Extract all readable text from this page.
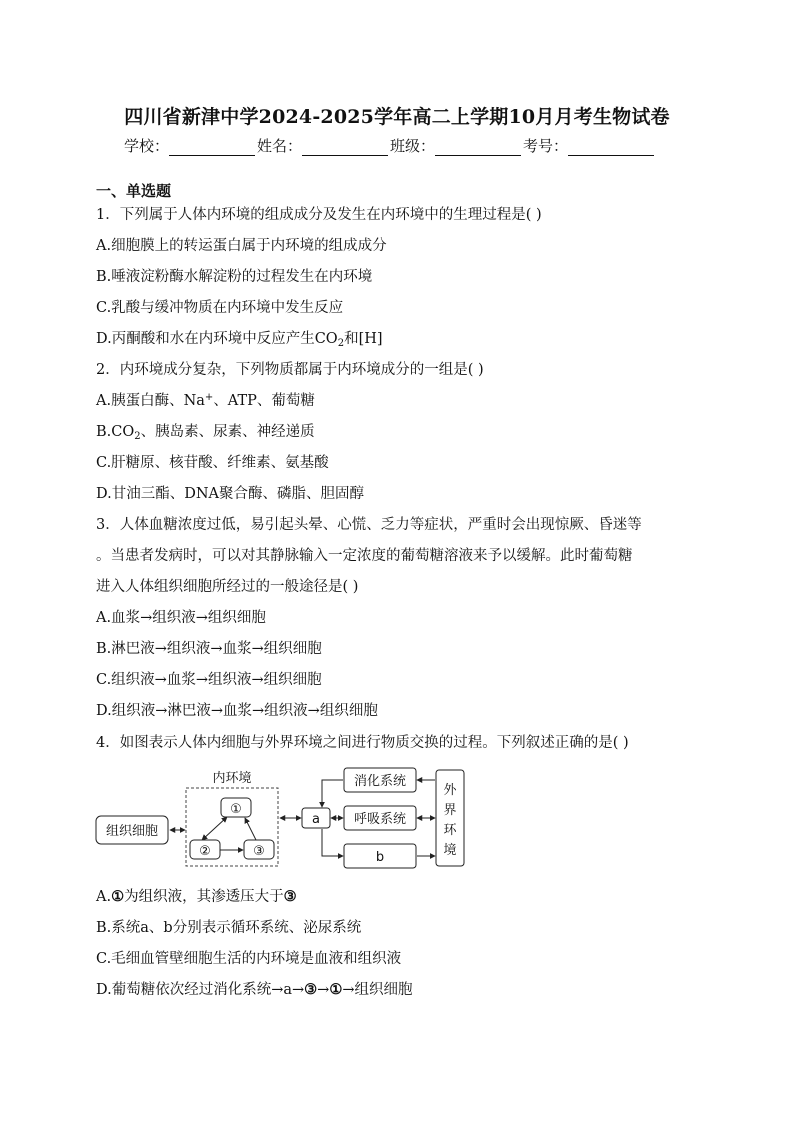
四川省新津中学2024-2025学年高二上学期10月月考生物试卷
学校：	姓名：	班级：	考号：
一、单选题
1．下列属于人体内环境的组成成分及发生在内环境中的生理过程是( )
A.细胞膜上的转运蛋白属于内环境的组成成分
B.唾液淀粉酶水解淀粉的过程发生在内环境
C.乳酸与缓冲物质在内环境中发生反应
D.丙酮酸和水在内环境中反应产生$CO_2$和[H]
2．内环境成分复杂，下列物质都属于内环境成分的一组是( )
A.胰蛋白酶、Na+、ATP、葡萄糖
$B.CO_2$、胰岛素、尿素、神经递质
C.肝糖原、核苷酸、纤维素、氨基酸
D.甘油三酯、DNA聚合酶、磷脂、胆固醇
3．人体血糖浓度过低，易引起头晕、心慌、乏力等症状，严重时会出现惊厥、昏迷等
。当患者发病时，可以对其静脉输入一定浓度的葡萄糖溶液来予以缓解。此时葡萄糖
进入人体组织细胞所经过的一般途径是( )
A.血浆→组织液→组织细胞
B.淋巴液→组织液→血浆→组织细胞
C.组织液→血浆→组织液→组织细胞
D.组织液→淋巴液→血浆→组织液→组织细胞
4．如图表示人体内细胞与外界环境之间进行物质交换的过程。下列叙述正确的是( )
组织细胞
内环境
①
②	③
a
消化系统
呼吸系统
b
外
界
环
境
A.①为组织液，其渗透压大于③
B.系统a、b分别表示循环系统、泌尿系统
C.毛细血管壁细胞生活的内环境是血液和组织液
D.葡萄糖依次经过消化系统→a→③→①→组织细胞
